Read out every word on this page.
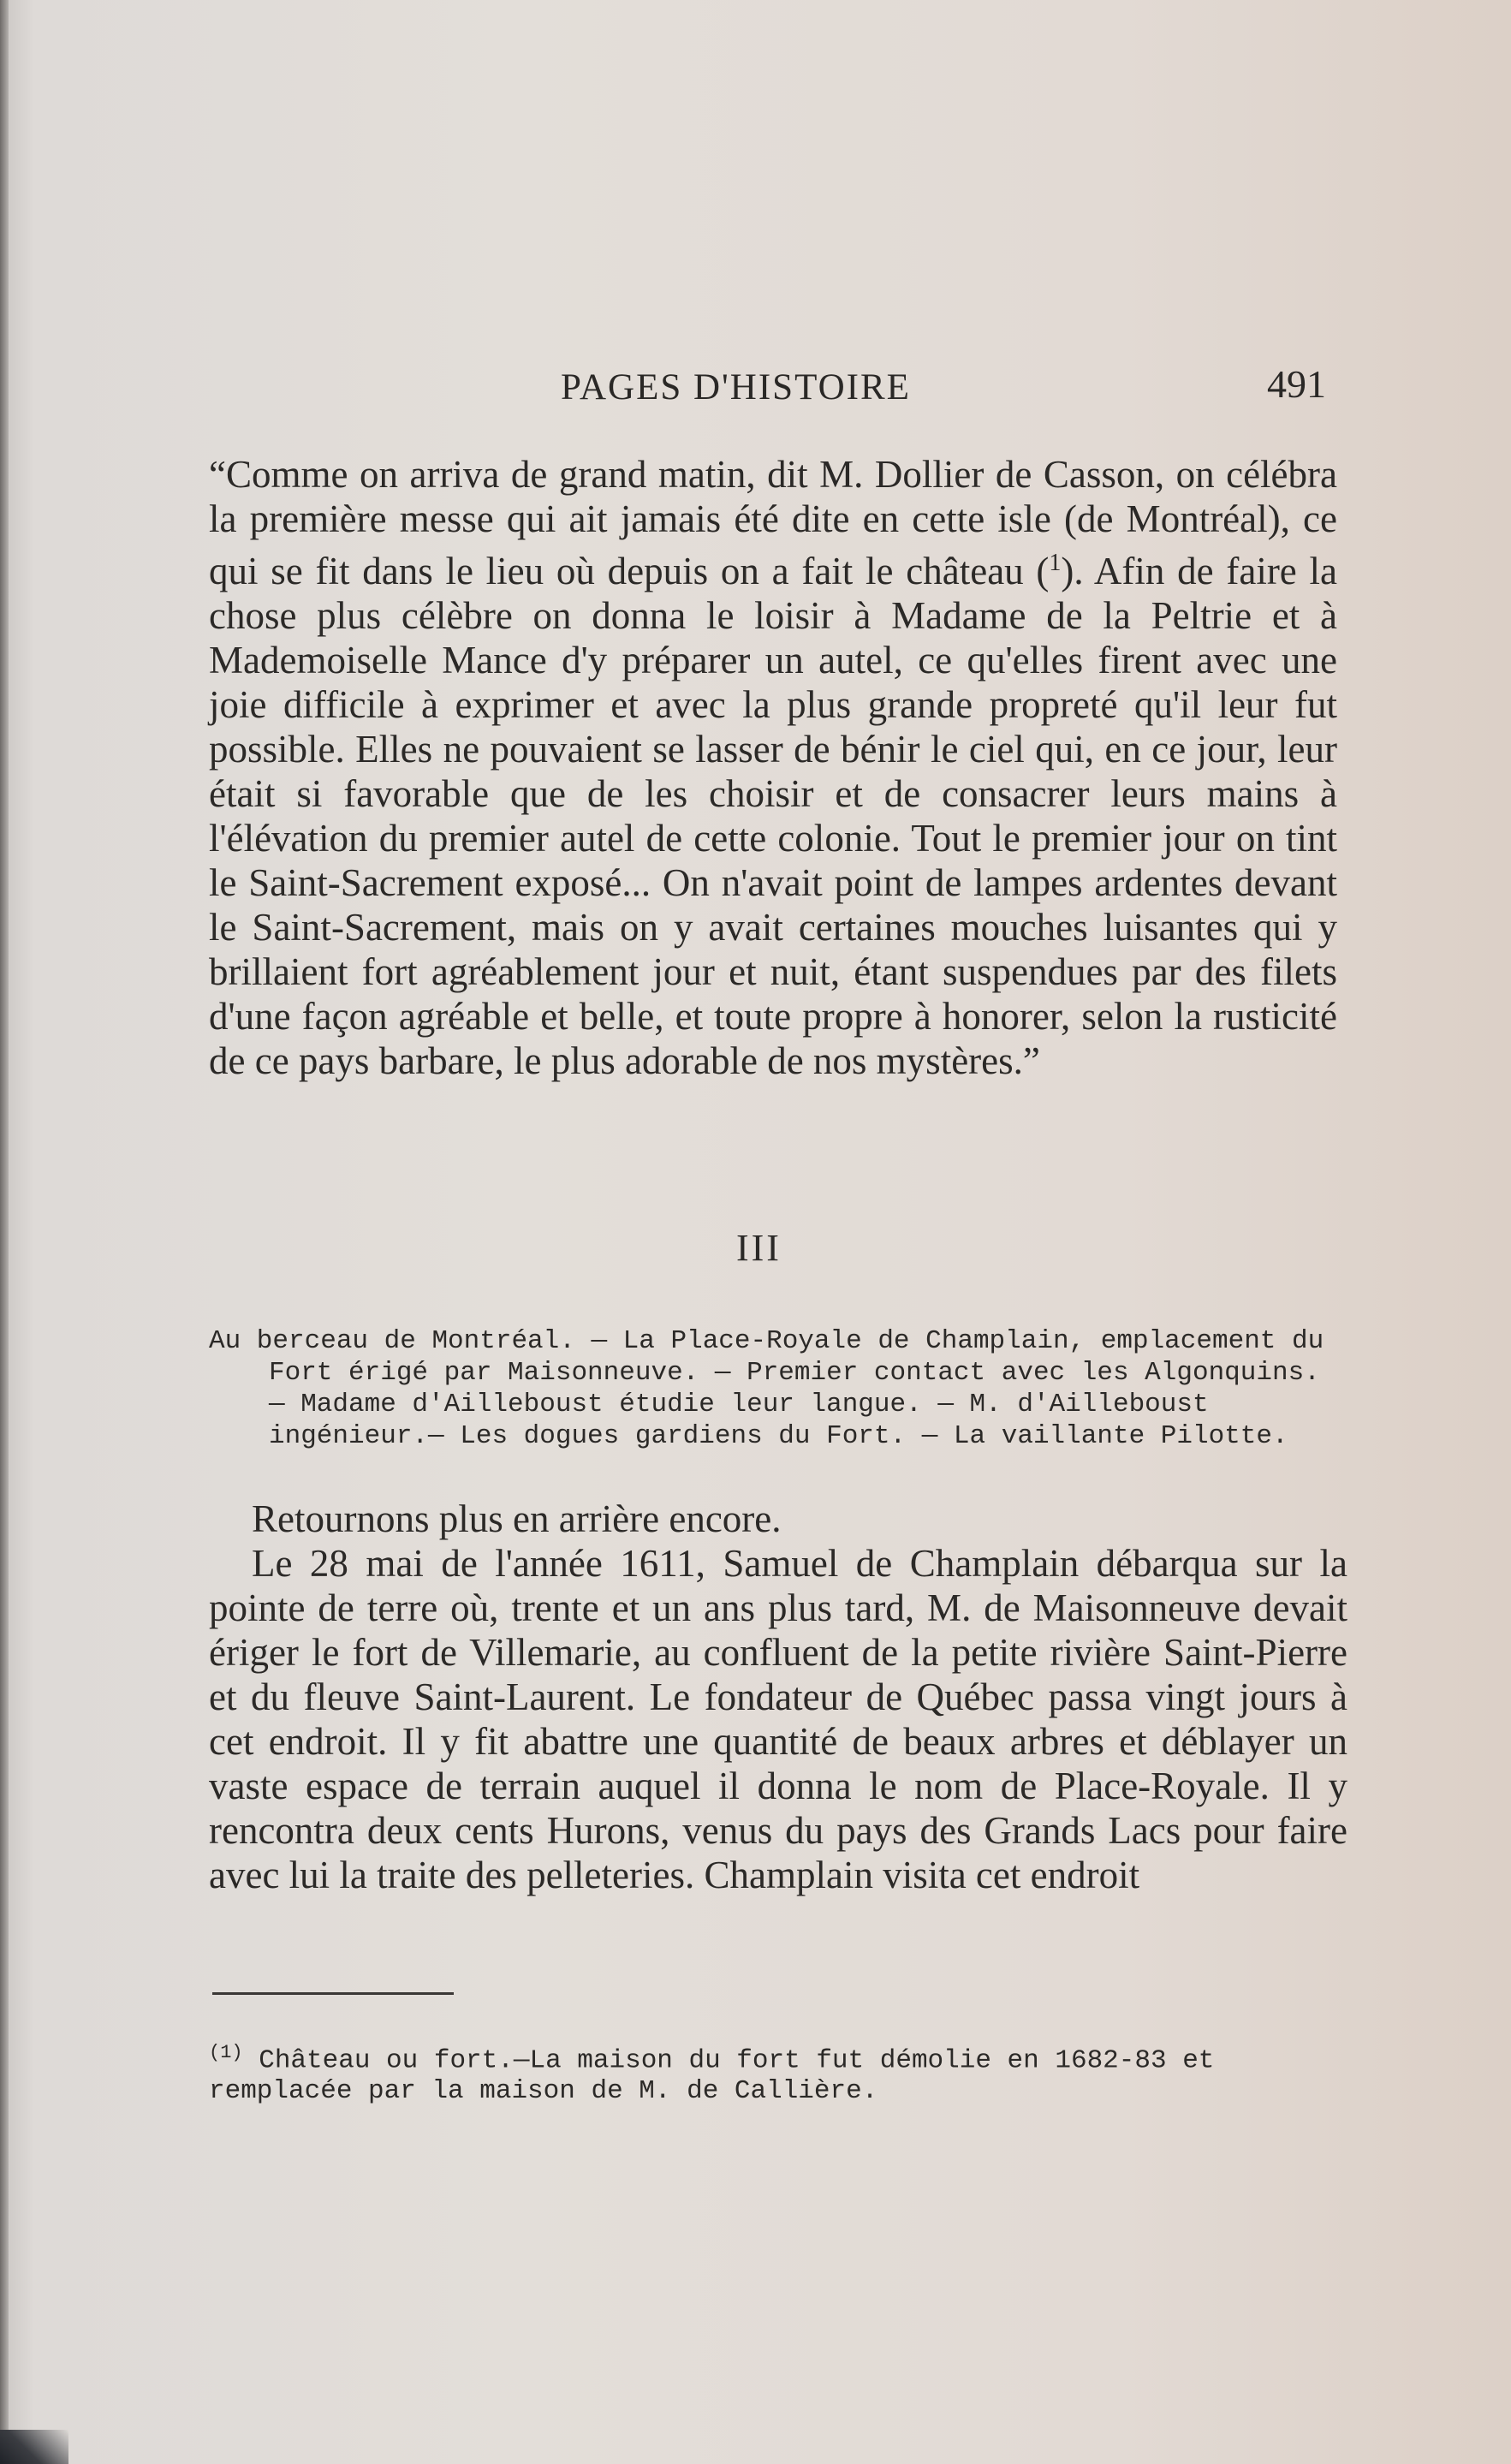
PAGES D'HISTOIRE	491
“Comme on arriva de grand matin, dit M. Dollier de Casson, on célébra la première messe qui ait jamais été dite en cette isle (de Montréal), ce qui se fit dans le lieu où depuis on a fait le château ($^1$). Afin de faire la chose plus célèbre on donna le loisir à Madame de la Peltrie et à Mademoiselle Mance d'y préparer un autel, ce qu'elles firent avec une joie difficile à exprimer et avec la plus grande propreté qu'il leur fut possible. Elles ne pouvaient se lasser de bénir le ciel qui, en ce jour, leur était si favorable que de les choisir et de consacrer leurs mains à l'élévation du premier autel de cette colonie. Tout le premier jour on tint le Saint-Sacrement exposé... On n'avait point de lampes ardentes devant le Saint-Sacrement, mais on y avait certaines mouches luisantes qui y brillaient fort agréablement jour et nuit, étant suspendues par des filets d'une façon agréable et belle, et toute propre à honorer, selon la rusticité de ce pays barbare, le plus adorable de nos mystères.”
III
Au berceau de Montréal. — La Place-Royale de Champlain, emplacement du
Fort érigé par Maisonneuve. — Premier contact avec les Algonquins. — Madame d'Ailleboust étudie leur langue. — M. d'Ailleboust ingénieur.— Les dogues gardiens du Fort. — La vaillante Pilotte.

Retournons plus en arrière encore.

Le 28 mai de l'année 1611, Samuel de Champlain débarqua sur la pointe de terre où, trente et un ans plus tard, M. de Maisonneuve devait ériger le fort de Villemarie, au confluent de la petite rivière Saint-Pierre et du fleuve Saint-Laurent. Le fondateur de Québec passa vingt jours à cet endroit. Il y fit abattre une quantité de beaux arbres et déblayer un vaste espace de terrain auquel il donna le nom de Place-Royale. Il y rencontra deux cents Hurons, venus du pays des Grands Lacs pour faire avec lui la traite des pelleteries. Champlain visita cet endroit

$^{(1)}$ Château ou fort.—La maison du fort fut démolie en 1682-83 et remplacée par la maison de M. de Callière.
